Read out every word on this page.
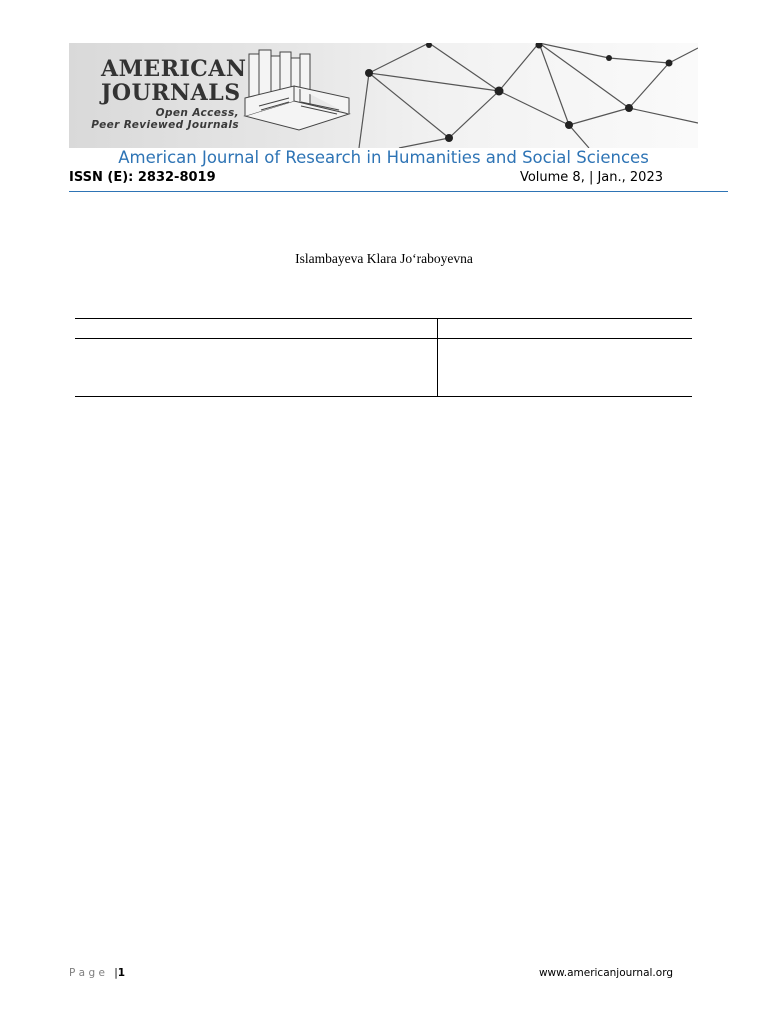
AMERICAN JOURNALS
Open Access,
Peer Reviewed Journals
American Journal of Research in Humanities and Social Sciences
ISSN (E): 2832-8019	Volume 8, | Jan., 2023
Islambayeva Klara Jo‘raboyevna
P a g e |1	www.americanjournal.org
